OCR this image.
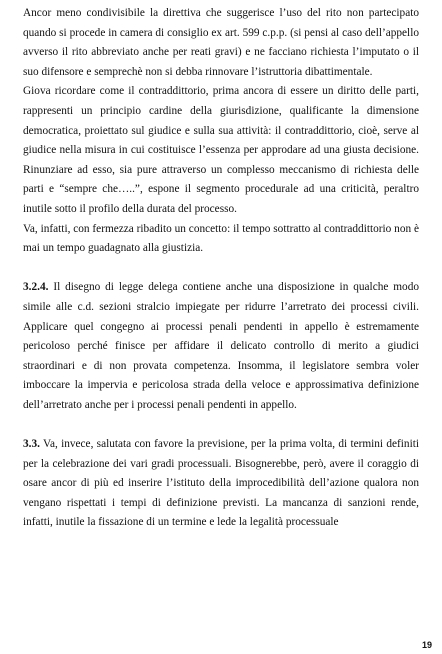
Ancor meno condivisibile la direttiva che suggerisce l’uso del rito non partecipato quando si procede in camera di consiglio ex art. 599 c.p.p. (si pensi al caso dell’appello avverso il rito abbreviato anche per reati gravi) e ne facciano richiesta l’imputato o il suo difensore e semprechè non si debba rinnovare l’istruttoria dibattimentale.

Giova ricordare come il contraddittorio, prima ancora di essere un diritto delle parti, rappresenti un principio cardine della giurisdizione, qualificante la dimensione democratica, proiettato sul giudice e sulla sua attività: il contraddittorio, cioè, serve al giudice nella misura in cui costituisce l’essenza per approdare ad una giusta decisione. Rinunziare ad esso, sia pure attraverso un complesso meccanismo di richiesta delle parti e “sempre che…..”, espone il segmento procedurale ad una criticità, peraltro inutile sotto il profilo della durata del processo.

Va, infatti, con fermezza ribadito un concetto: il tempo sottratto al contraddittorio non è mai un tempo guadagnato alla giustizia.

3.2.4. Il disegno di legge delega contiene anche una disposizione in qualche modo simile alle c.d. sezioni stralcio impiegate per ridurre l’arretrato dei processi civili. Applicare quel congegno ai processi penali pendenti in appello è estremamente pericoloso perché finisce per affidare il delicato controllo di merito a giudici straordinari e di non provata competenza. Insomma, il legislatore sembra voler imboccare la impervia e pericolosa strada della veloce e approssimativa definizione dell’arretrato anche per i processi penali pendenti in appello.

3.3. Va, invece, salutata con favore la previsione, per la prima volta, di termini definiti per la celebrazione dei vari gradi processuali. Bisognerebbe, però, avere il coraggio di osare ancor di più ed inserire l’istituto della improcedibilità dell’azione qualora non vengano rispettati i tempi di definizione previsti. La mancanza di sanzioni rende, infatti, inutile la fissazione di un termine e lede la legalità processuale

19
